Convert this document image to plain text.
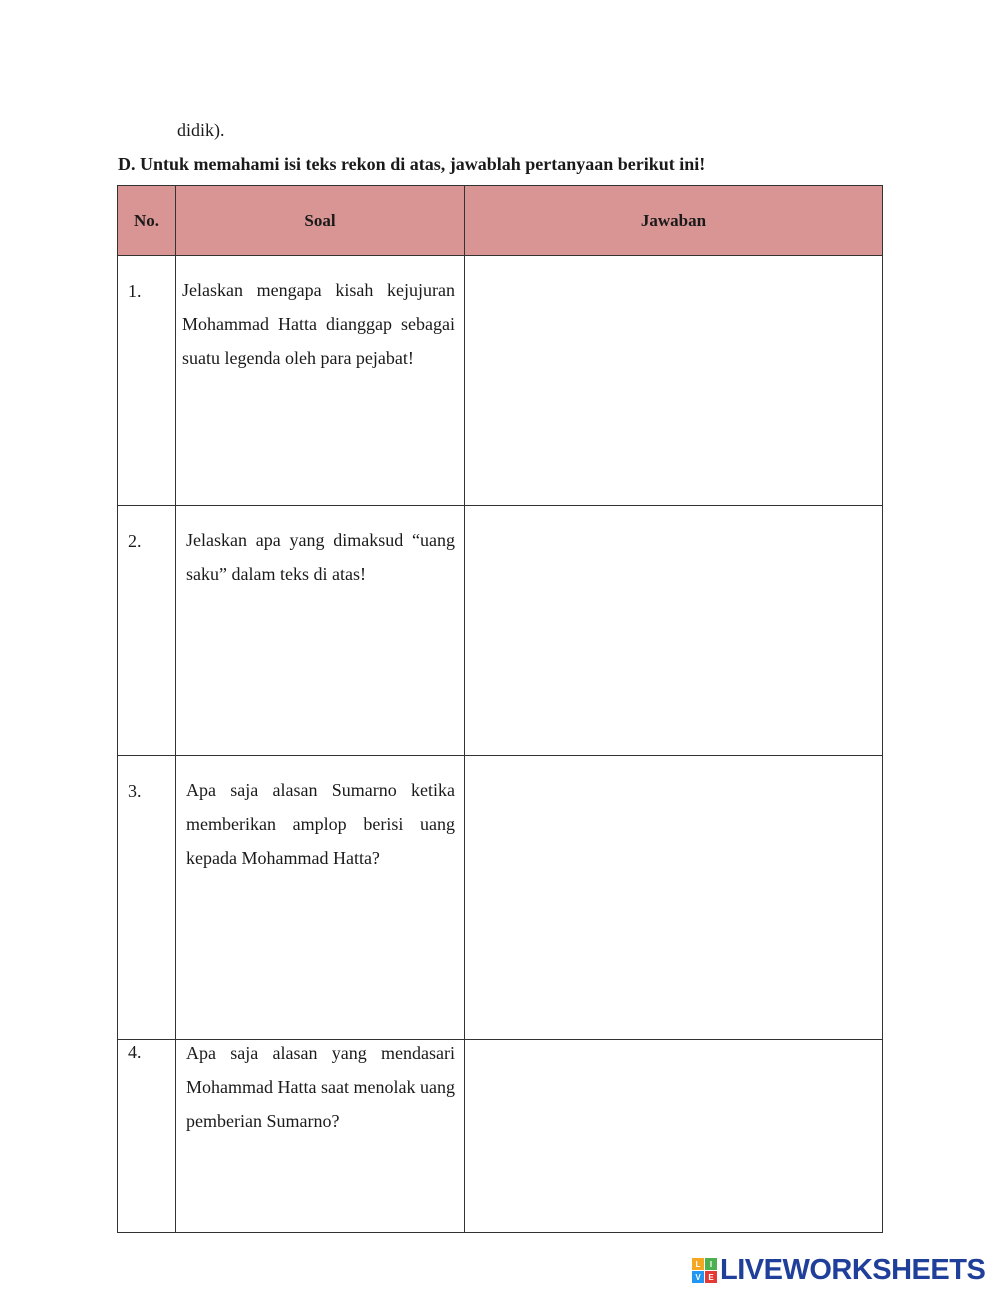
didik).
D. Untuk memahami isi teks rekon di atas, jawablah pertanyaan berikut ini!
No.	Soal	Jawaban
1.	Jelaskan mengapa kisah kejujuran Mohammad Hatta dianggap sebagai suatu legenda oleh para pejabat!	

2.	Jelaskan apa yang dimaksud “uang saku” dalam teks di atas!	

3.	Apa saja alasan Sumarno ketika memberikan amplop berisi uang kepada Mohammad Hatta?	

4.	Apa saja alasan yang mendasari Mohammad Hatta saat menolak uang pemberian Sumarno?	

L	I
V E LIVEWORKSHEETS
